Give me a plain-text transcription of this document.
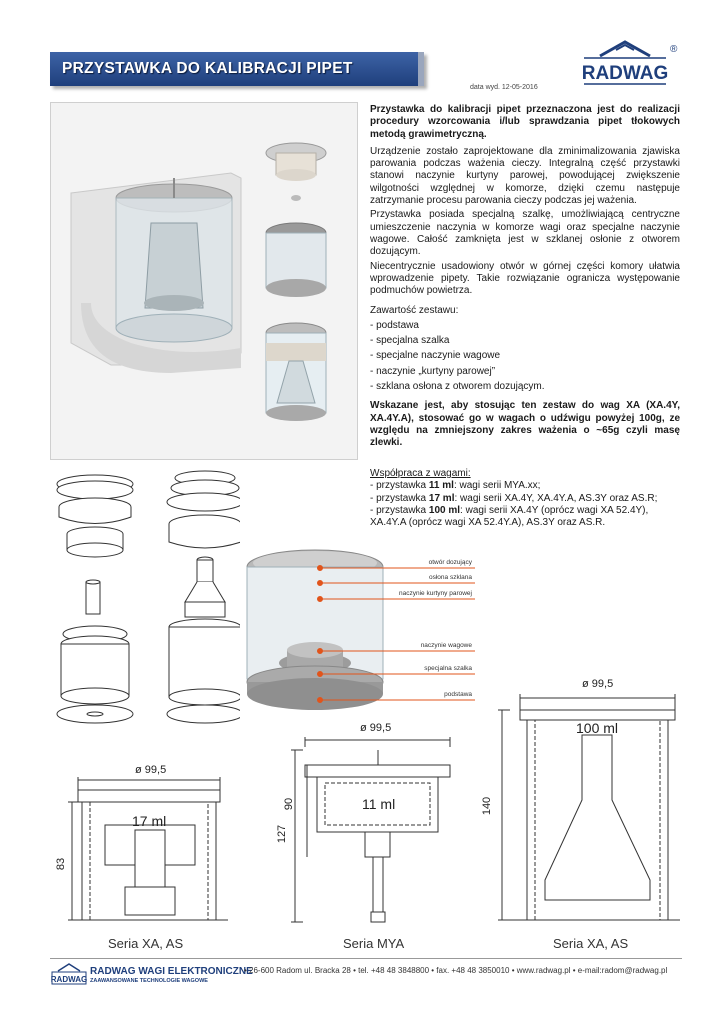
PRZYSTAWKA DO KALIBRACJI PIPET
data wyd. 12-05-2016
RADWAG
®

Przystawka do kalibracji pipet przeznaczona jest do realizacji procedury wzorcowania i/lub sprawdzania pipet tłokowych metodą grawimetryczną.

Urządzenie zostało zaprojektowane dla zminimalizowania zjawiska parowania podczas ważenia cieczy. Integralną część przystawki stanowi naczynie kurtyny parowej, powodującej zwiększenie wilgotności względnej w komorze, dzięki czemu następuje zatrzymanie procesu parowania cieczy podczas jej ważenia.

Przystawka posiada specjalną szalkę, umożliwiającą centryczne umieszczenie naczynia w komorze wagi oraz specjalne naczynie wagowe. Całość zamknięta jest w szklanej osłonie z otworem dozującym.

Niecentrycznie usadowiony otwór w górnej części komory ułatwia wprowadzenie pipety. Takie rozwiązanie ogranicza występowanie podmuchów powietrza.

Zawartość zestawu:

- podstawa
- specjalna szalka
- specjalne naczynie wagowe
- naczynie „kurtyny parowej”
- szklana osłona z otworem dozującym.

Wskazane jest, aby stosując ten zestaw do wag XA (XA.4Y, XA.4Y.A), stosować go w wagach o udźwigu powyżej 100g, ze względu na zmniejszony zakres ważenia o ~65g czyli masę zlewki.

Współpraca z wagami:
- przystawka 11 ml: wagi serii MYA.xx;
- przystawka 17 ml: wagi serii XA.4Y, XA.4Y.A, AS.3Y oraz AS.R;
- przystawka 100 ml: wagi serii XA.4Y (oprócz wagi XA 52.4Y), XA.4Y.A (oprócz wagi XA 52.4Y.A), AS.3Y oraz AS.R.
otwór dozujący
osłona szklana
naczynie kurtyny parowej
naczynie wagowe
specjalna szalka
podstawa
ø 99,5
83
17 ml
Seria XA, AS
ø 99,5
127
90	11 ml
Seria MYA
ø 99,5
140
100 ml
Seria XA, AS
RADWAG
RADWAG WAGI ELEKTRONICZNE
ZAAWANSOWANE TECHNOLOGIE WAGOWE
• 26-600 Radom ul. Bracka 28 • tel. +48 48 3848800 • fax. +48 48 3850010 • www.radwag.pl • e-mail:radom@radwag.pl
